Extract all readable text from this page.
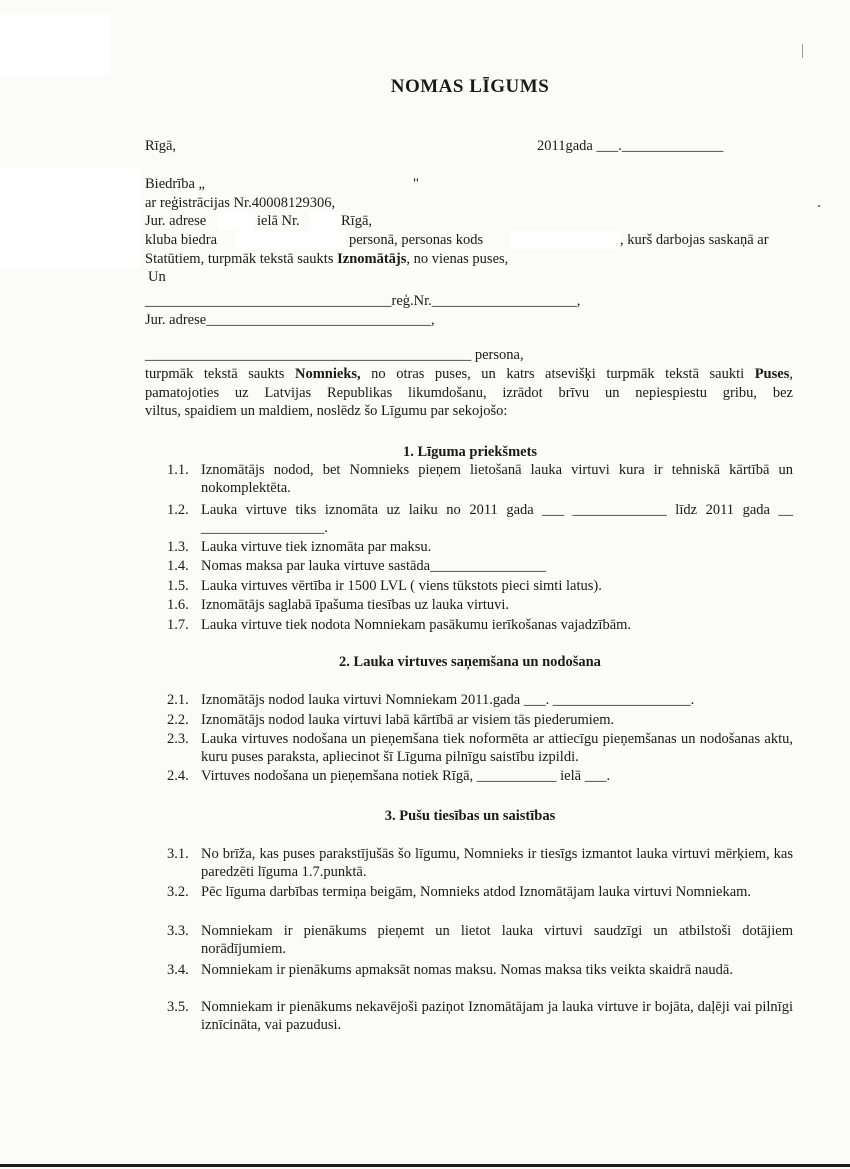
NOMAS LĪGUMS
Rīgā,	2011gada ___.______________
Biedrība „	"
ar reģistrācijas Nr.40008129306,
Jur. adrese	ielā Nr.	Rīgā,
kluba biedra	personā, personas kods	, kurš darbojas saskaņā ar
Statūtiem, turpmāk tekstā saukts Iznomātājs, no vienas puses,
Un
__________________________________reģ.Nr.____________________,
Jur. adrese_______________________________,
_____________________________________________ persona,
turpmāk tekstā saukts Nomnieks, no otras puses, un katrs atsevišķi turpmāk tekstā saukti Puses,
pamatojoties uz Latvijas Republikas likumdošanu, izrādot brīvu un nepiespiestu gribu, bez
viltus, spaidiem un maldiem, noslēdz šo Līgumu par sekojošo:
1. Līguma priekšmets
1.1. Iznomātājs nodod, bet Nomnieks pieņem lietošanā lauka virtuvi kura ir tehniskā kārtībā un nokomplektēta.
1.2. Lauka virtuve tiks iznomāta uz laiku no 2011 gada ___ _____________ līdz 2011 gada __ _________________.
1.3. Lauka virtuve tiek iznomāta par maksu.
1.4. Nomas maksa par lauka virtuve sastāda________________
1.5. Lauka virtuves vērtība ir 1500 LVL ( viens tūkstots pieci simti latus).
1.6. Iznomātājs saglabā īpašuma tiesības uz lauka virtuvi.
1.7. Lauka virtuve tiek nodota Nomniekam pasākumu ierīkošanas vajadzībām.
2. Lauka virtuves saņemšana un nodošana
2.1. Iznomātājs nodod lauka virtuvi Nomniekam 2011.gada ___. ___________________.
2.2. Iznomātājs nodod lauka virtuvi labā kārtībā ar visiem tās piederumiem.
2.3. Lauka virtuves nodošana un pieņemšana tiek noformēta ar attiecīgu pieņemšanas un nodošanas aktu, kuru puses paraksta, apliecinot šī Līguma pilnīgu saistību izpildi.
2.4. Virtuves nodošana un pieņemšana notiek Rīgā, ___________ ielā ___.
3. Pušu tiesības un saistības
3.1. No brīža, kas puses parakstījušās šo līgumu, Nomnieks ir tiesīgs izmantot lauka virtuvi mērķiem, kas paredzēti līguma 1.7.punktā.
3.2. Pēc līguma darbības termiņa beigām, Nomnieks atdod Iznomātājam lauka virtuvi Nomniekam.
3.3. Nomniekam ir pienākums pieņemt un lietot lauka virtuvi saudzīgi un atbilstoši dotājiem norādījumiem.
3.4. Nomniekam ir pienākums apmaksāt nomas maksu. Nomas maksa tiks veikta skaidrā naudā.
3.5. Nomniekam ir pienākums nekavējoši paziņot Iznomātājam ja lauka virtuve ir bojāta, daļēji vai pilnīgi iznīcināta, vai pazudusi.
